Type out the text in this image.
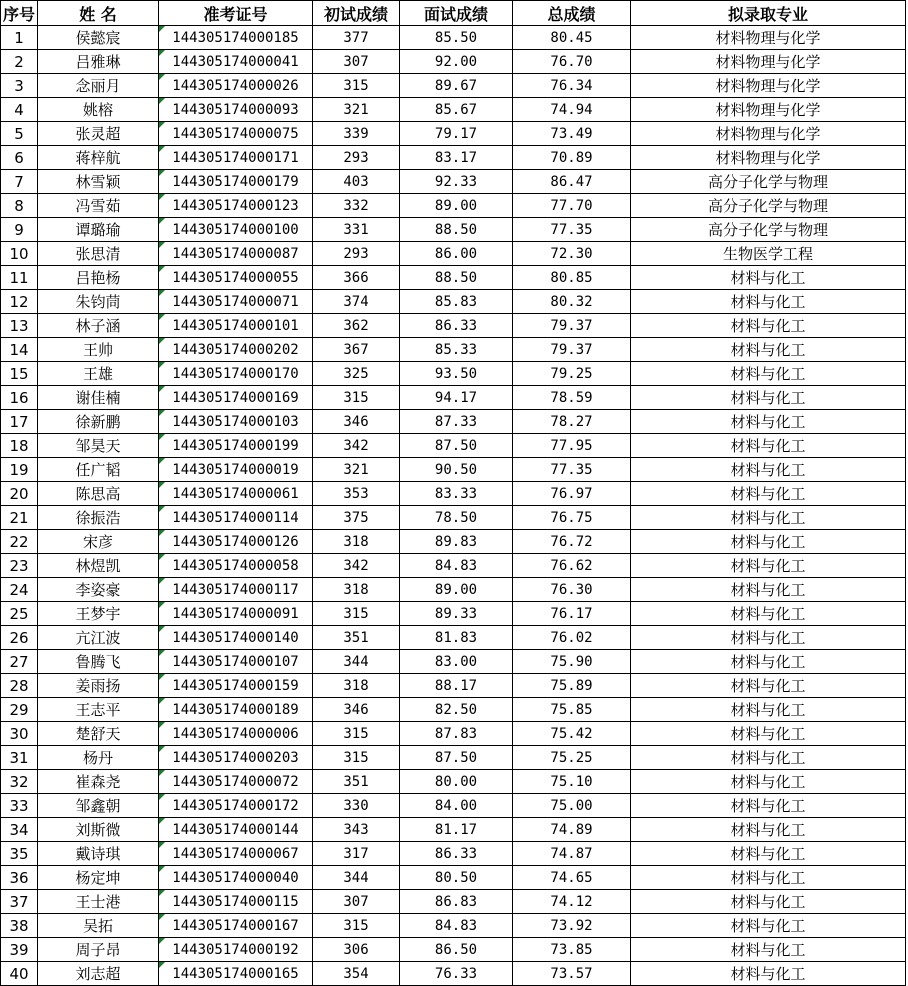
序号	姓 名	准考证号	初试成绩	面试成绩	总成绩	拟录取专业
1	侯懿宸	144305174000185	377	85.50	80.45	材料物理与化学
2	吕雅琳	144305174000041	307	92.00	76.70	材料物理与化学
3	念丽月	144305174000026	315	89.67	76.34	材料物理与化学
4	姚榕	144305174000093	321	85.67	74.94	材料物理与化学
5	张灵超	144305174000075	339	79.17	73.49	材料物理与化学
6	蒋梓航	144305174000171	293	83.17	70.89	材料物理与化学
7	林雪颖	144305174000179	403	92.33	86.47	高分子化学与物理
8	冯雪茹	144305174000123	332	89.00	77.70	高分子化学与物理
9	谭璐瑜	144305174000100	331	88.50	77.35	高分子化学与物理
10	张思清	144305174000087	293	86.00	72.30	生物医学工程
11	吕艳杨	144305174000055	366	88.50	80.85	材料与化工
12	朱钧茼	144305174000071	374	85.83	80.32	材料与化工
13	林子涵	144305174000101	362	86.33	79.37	材料与化工
14	王帅	144305174000202	367	85.33	79.37	材料与化工
15	王雄	144305174000170	325	93.50	79.25	材料与化工
16	谢佳楠	144305174000169	315	94.17	78.59	材料与化工
17	徐新鹏	144305174000103	346	87.33	78.27	材料与化工
18	邹昊天	144305174000199	342	87.50	77.95	材料与化工
19	任广韬	144305174000019	321	90.50	77.35	材料与化工
20	陈思高	144305174000061	353	83.33	76.97	材料与化工
21	徐振浩	144305174000114	375	78.50	76.75	材料与化工
22	宋彦	144305174000126	318	89.83	76.72	材料与化工
23	林煜凯	144305174000058	342	84.83	76.62	材料与化工
24	李姿豪	144305174000117	318	89.00	76.30	材料与化工
25	王梦宇	144305174000091	315	89.33	76.17	材料与化工
26	亢江波	144305174000140	351	81.83	76.02	材料与化工
27	鲁腾飞	144305174000107	344	83.00	75.90	材料与化工
28	姜雨扬	144305174000159	318	88.17	75.89	材料与化工
29	王志平	144305174000189	346	82.50	75.85	材料与化工
30	楚舒天	144305174000006	315	87.83	75.42	材料与化工
31	杨丹	144305174000203	315	87.50	75.25	材料与化工
32	崔森尧	144305174000072	351	80.00	75.10	材料与化工
33	邹鑫朝	144305174000172	330	84.00	75.00	材料与化工
34	刘斯微	144305174000144	343	81.17	74.89	材料与化工
35	戴诗琪	144305174000067	317	86.33	74.87	材料与化工
36	杨定坤	144305174000040	344	80.50	74.65	材料与化工
37	王士港	144305174000115	307	86.83	74.12	材料与化工
38	吴拓	144305174000167	315	84.83	73.92	材料与化工
39	周子昂	144305174000192	306	86.50	73.85	材料与化工
40	刘志超	144305174000165	354	76.33	73.57	材料与化工
